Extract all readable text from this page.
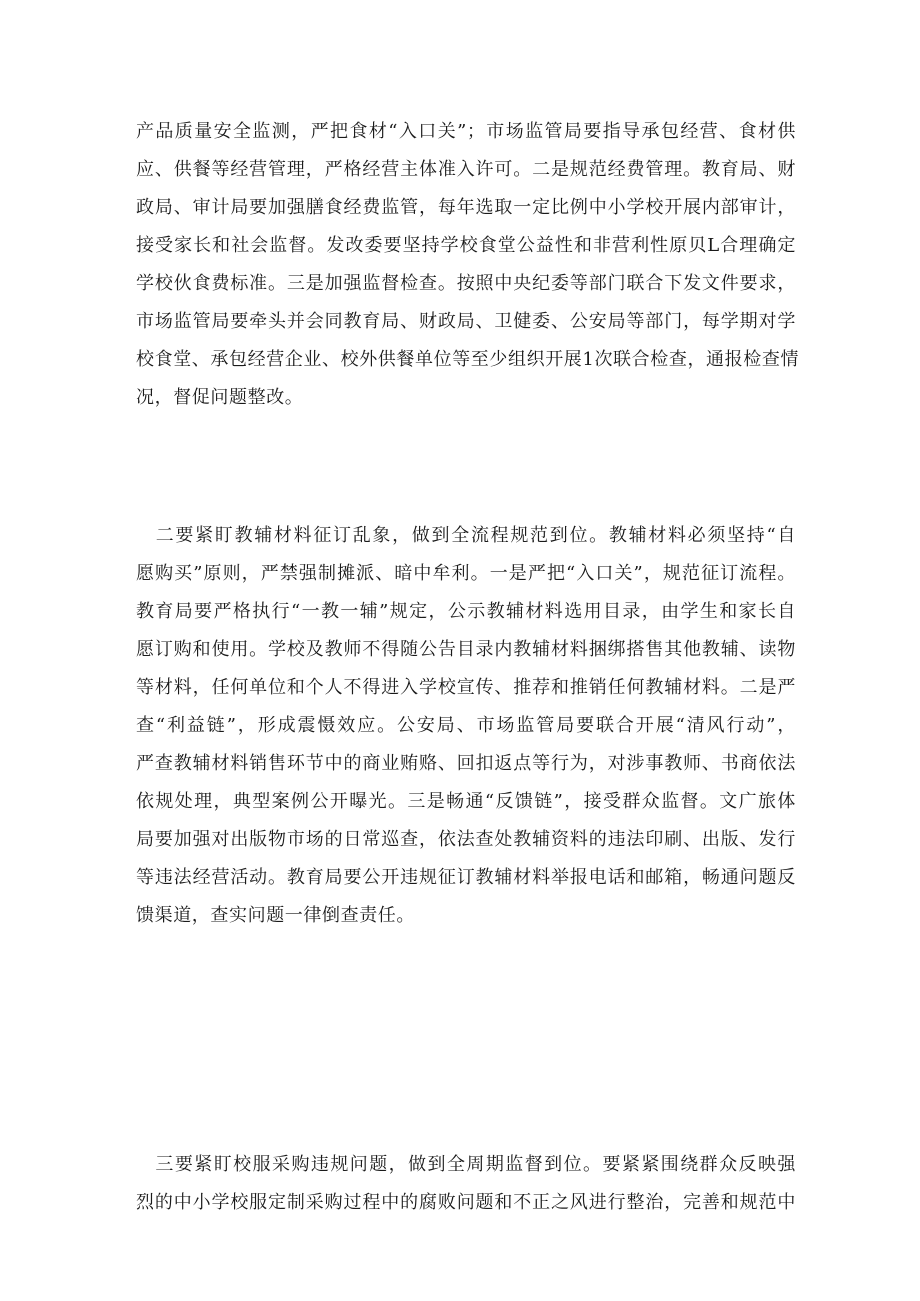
产品质量安全监测，严把食材“入口关”；市场监管局要指导承包经营、食材供
应、供餐等经营管理，严格经营主体准入许可。二是规范经费管理。教育局、财
政局、审计局要加强膳食经费监管，每年选取一定比例中小学校开展内部审计，
接受家长和社会监督。发改委要坚持学校食堂公益性和非营利性原贝L合理确定
学校伙食费标准。三是加强监督检查。按照中央纪委等部门联合下发文件要求，
市场监管局要牵头并会同教育局、财政局、卫健委、公安局等部门，每学期对学
校食堂、承包经营企业、校外供餐单位等至少组织开展1次联合检查，通报检查情
况，督促问题整改。
　二要紧盯教辅材料征订乱象，做到全流程规范到位。教辅材料必须坚持“自
愿购买”原则，严禁强制摊派、暗中牟利。一是严把“入口关”，规范征订流程。
教育局要严格执行“一教一辅”规定，公示教辅材料选用目录，由学生和家长自
愿订购和使用。学校及教师不得随公告目录内教辅材料捆绑搭售其他教辅、读物
等材料，任何单位和个人不得进入学校宣传、推荐和推销任何教辅材料。二是严
查“利益链”，形成震慑效应。公安局、市场监管局要联合开展“清风行动”，
严查教辅材料销售环节中的商业贿赂、回扣返点等行为，对涉事教师、书商依法
依规处理，典型案例公开曝光。三是畅通“反馈链”，接受群众监督。文广旅体
局要加强对出版物市场的日常巡查，依法查处教辅资料的违法印刷、出版、发行
等违法经营活动。教育局要公开违规征订教辅材料举报电话和邮箱，畅通问题反
馈渠道，查实问题一律倒查责任。
　三要紧盯校服采购违规问题，做到全周期监督到位。要紧紧围绕群众反映强
烈的中小学校服定制采购过程中的腐败问题和不正之风进行整治，完善和规范中
